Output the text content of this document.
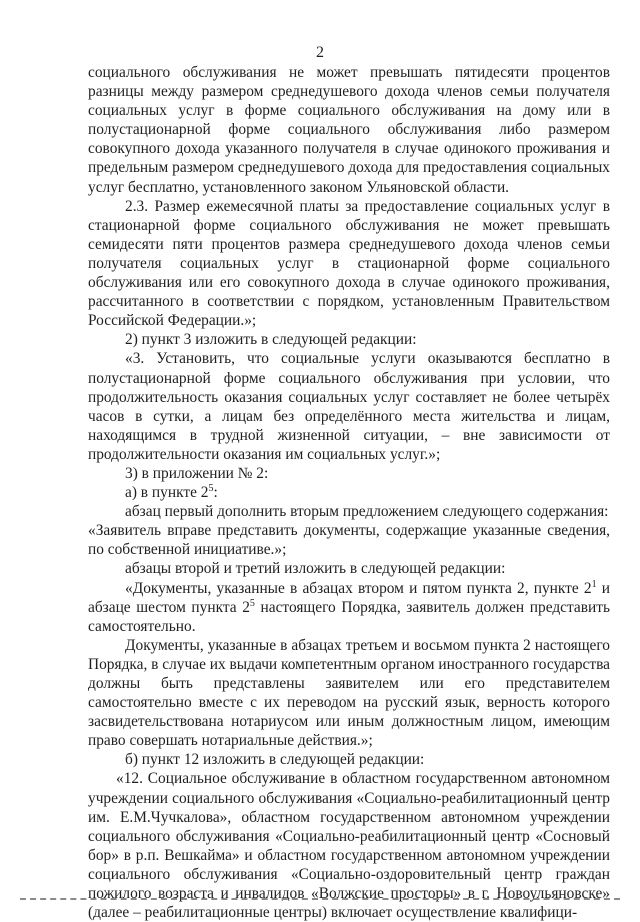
2

социального обслуживания не может превышать пятидесяти процентов разницы между размером среднедушевого дохода членов семьи получателя социальных услуг в форме социального обслуживания на дому или в полустационарной форме социального обслуживания либо размером совокупного дохода указанного получателя в случае одинокого проживания и предельным размером среднедушевого дохода для предоставления социальных услуг бесплатно, установленного законом Ульяновской области.

2.3. Размер ежемесячной платы за предоставление социальных услуг в стационарной форме социального обслуживания не может превышать семидесяти пяти процентов размера среднедушевого дохода членов семьи получателя социальных услуг в стационарной форме социального обслуживания или его совокупного дохода в случае одинокого проживания, рассчитанного в соответствии с порядком, установленным Правительством Российской Федерации.»;

2) пункт 3 изложить в следующей редакции:

«3. Установить, что социальные услуги оказываются бесплатно в полустационарной форме социального обслуживания при условии, что продолжительность оказания социальных услуг составляет не более четырёх часов в сутки, а лицам без определённого места жительства и лицам, находящимся в трудной жизненной ситуации, – вне зависимости от продолжительности оказания им социальных услуг.»;

3) в приложении № 2:

а) в пункте $2^5$:

абзац первый дополнить вторым предложением следующего содержания:

«Заявитель вправе представить документы, содержащие указанные сведения, по собственной инициативе.»;

абзацы второй и третий изложить в следующей редакции:

«Документы, указанные в абзацах втором и пятом пункта 2, пункте $2^1$ и абзаце шестом пункта $2^5$ настоящего Порядка, заявитель должен представить самостоятельно.

Документы, указанные в абзацах третьем и восьмом пункта 2 настоящего Порядка, в случае их выдачи компетентным органом иностранного государства должны быть представлены заявителем или его представителем самостоятельно вместе с их переводом на русский язык, верность которого засвидетельствована нотариусом или иным должностным лицом, имеющим право совершать нотариальные действия.»;

б) пункт 12 изложить в следующей редакции:

«12. Социальное обслуживание в областном государственном автономном учреждении социального обслуживания «Социально-реабилитационный центр им. Е.М.Чучкалова», областном государственном автономном учреждении социального обслуживания «Социально-реабилитационный центр «Сосновый бор» в р.п. Вешкайма» и областном государственном автономном учреждении социального обслуживания «Социально-оздоровительный центр граждан пожилого возраста и инвалидов «Волжские просторы» в г. Новоульяновске» (далее – реабилитационные центры) включает осуществление квалифици-
